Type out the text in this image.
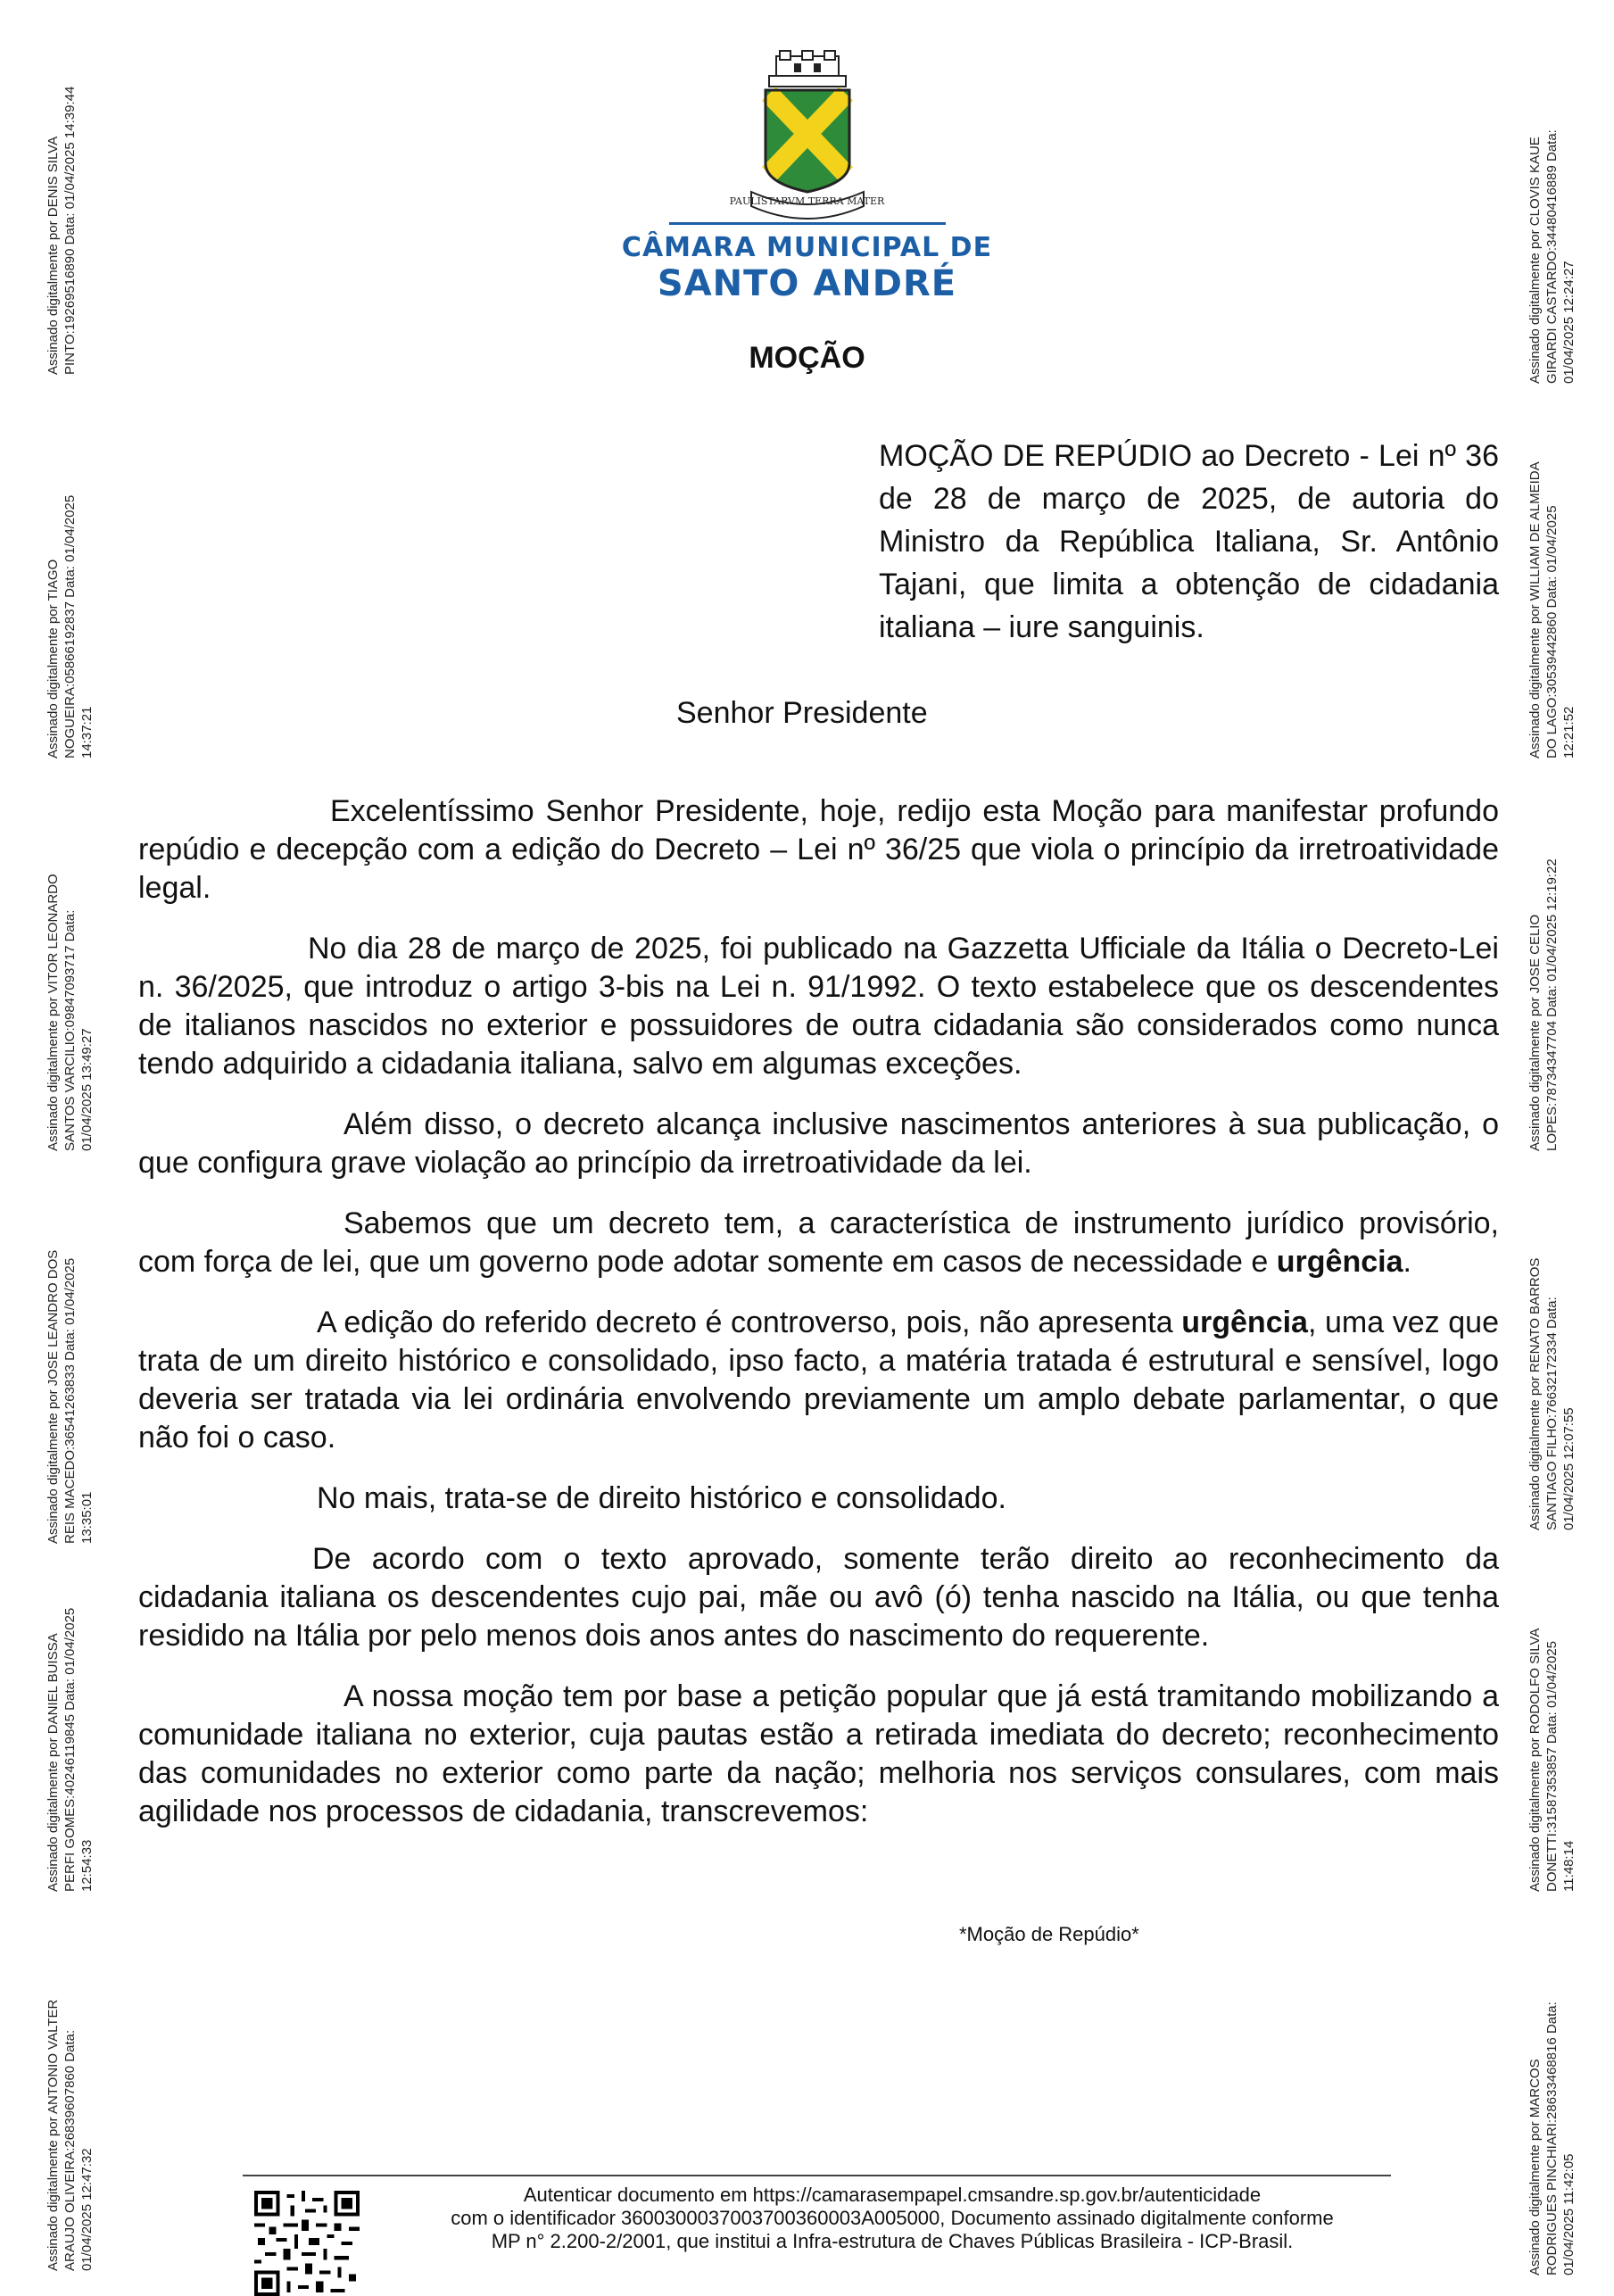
Assinado digitalmente por DENIS SILVA
PINTO:19269516890 Data: 01/04/2025 14:39:44
Assinado digitalmente por TIAGO
NOGUEIRA:05866192837 Data: 01/04/2025
14:37:21
Assinado digitalmente por VITOR LEONARDO
SANTOS VARCILIO:09847093717 Data:
01/04/2025 13:49:27
Assinado digitalmente por JOSE LEANDRO DOS
REIS MACEDO:36541263833 Data: 01/04/2025
13:35:01
Assinado digitalmente por DANIEL BUISSA
PERFI GOMES:40246119845 Data: 01/04/2025
12:54:33
Assinado digitalmente por ANTONIO VALTER
ARAUJO OLIVEIRA:26839607860 Data:
01/04/2025 12:47:32
Assinado digitalmente por CLOVIS KAUE
GIRARDI CASTARDO:34480416889 Data:
01/04/2025 12:24:27
Assinado digitalmente por WILLIAM DE ALMEIDA
DO LAGO:30539442860 Data: 01/04/2025
12:21:52
Assinado digitalmente por JOSE CELIO
LOPES:78734347704 Data: 01/04/2025 12:19:22
Assinado digitalmente por RENATO BARROS
SANTIAGO FILHO:76632172334 Data:
01/04/2025 12:07:55
Assinado digitalmente por RODOLFO SILVA
DONETTI:31587353857 Data: 01/04/2025
11:48:14
Assinado digitalmente por MARCOS
RODRIGUES PINCHIARI:28633468816 Data:
01/04/2025 11:42:05
PAULISTARVM TERRA MATER
CÂMARA MUNICIPAL DE
SANTO ANDRÉ
MOÇÃO
MOÇÃO DE REPÚDIO ao Decreto - Lei nº 36 de 28 de março de 2025, de autoria do Ministro da República Italiana, Sr. Antônio Tajani, que limita a obtenção de cidadania italiana – iure sanguinis.
Senhor Presidente

Excelentíssimo Senhor Presidente, hoje, redijo esta Moção para manifestar profundo repúdio e decepção com a edição do Decreto – Lei nº 36/25 que viola o princípio da irretroatividade legal.

No dia 28 de março de 2025, foi publicado na Gazzetta Ufficiale da Itália o Decreto-Lei n. 36/2025, que introduz o artigo 3-bis na Lei n. 91/1992. O texto estabelece que os descendentes de italianos nascidos no exterior e possuidores de outra cidadania são considerados como nunca tendo adquirido a cidadania italiana, salvo em algumas exceções.

Além disso, o decreto alcança inclusive nascimentos anteriores à sua publicação, o que configura grave violação ao princípio da irretroatividade da lei.

Sabemos que um decreto tem, a característica de instrumento jurídico provisório, com força de lei, que um governo pode adotar somente em casos de necessidade e urgência.

A edição do referido decreto é controverso, pois, não apresenta urgência, uma vez que trata de um direito histórico e consolidado, ipso facto, a matéria tratada é estrutural e sensível, logo deveria ser tratada via lei ordinária envolvendo previamente um amplo debate parlamentar, o que não foi o caso.

No mais, trata-se de direito histórico e consolidado.

De acordo com o texto aprovado, somente terão direito ao reconhecimento da cidadania italiana os descendentes cujo pai, mãe ou avô (ó) tenha nascido na Itália, ou que tenha residido na Itália por pelo menos dois anos antes do nascimento do requerente.

A nossa moção tem por base a petição popular que já está tramitando mobilizando a comunidade italiana no exterior, cuja pautas estão a retirada imediata do decreto; reconhecimento das comunidades no exterior como parte da nação; melhoria nos serviços consulares, com mais agilidade nos processos de cidadania, transcrevemos:

*Moção de Repúdio*
Autenticar documento em https://camarasempapel.cmsandre.sp.gov.br/autenticidade
com o identificador 3600300037003700360003A005000, Documento assinado digitalmente conforme
MP n° 2.200-2/2001, que institui a Infra-estrutura de Chaves Públicas Brasileira - ICP-Brasil.
